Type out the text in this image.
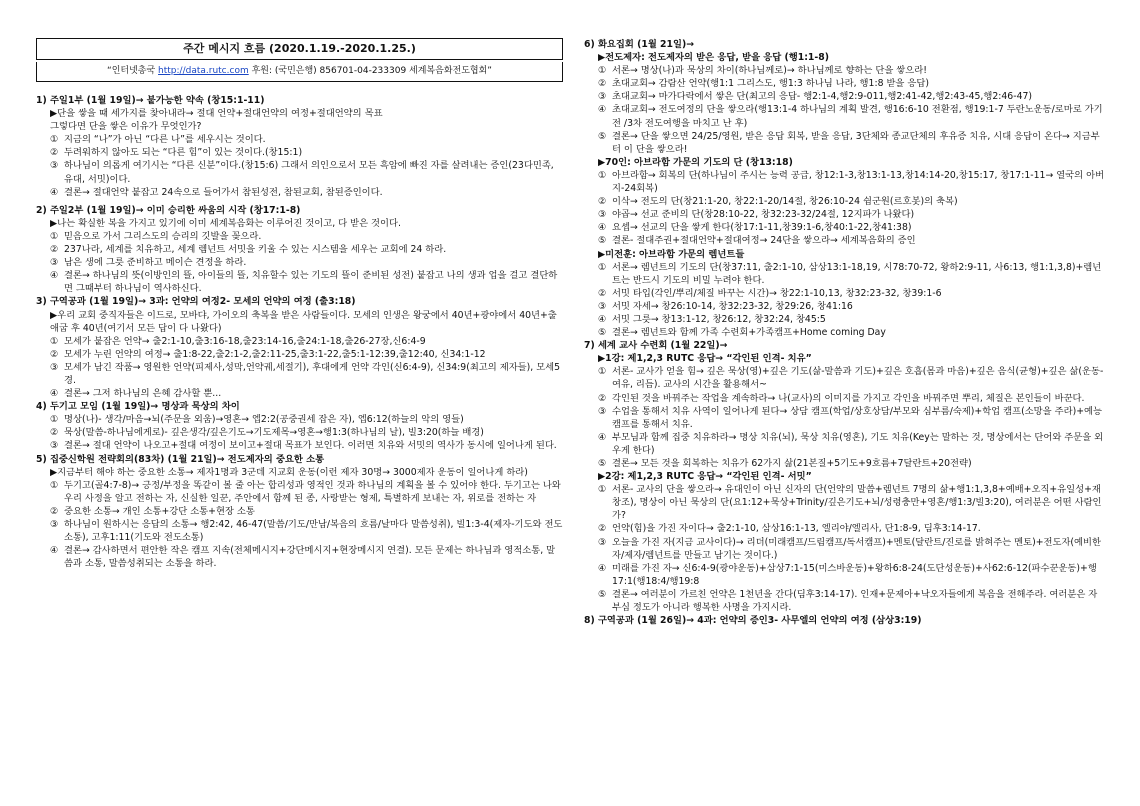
주간 메시지 흐름 (2020.1.19.-2020.1.25.)
“인터넷총국 http://data.rutc.com 후원: (국민은행) 856701-04-233309 세계복음화전도협회”
1) 주일1부 (1월 19일)→ 붙가능한 약속 (창15:1-11)
▶단을 쌓을 때 세가지를 찾아내라→ 절대 언약+절대언약의 여정+절대언약의 목표
그렇다면 단을 쌓은 이유가 무엇인가?
① 지금의 “나”가 아닌 “다른 나”를 세우시는 것이다.
② 두려워하지 않아도 되는 “다른 힘”이 있는 것이다.(창15:1)
③ 하나님이 의롭게 여기시는 “다른 신분”이다.(창15:6) 그래서 의인으로서 모든 흑암에 빠진 자를 살려내는 증인(23다민족, 유대, 서밋)이다.
④ 결론→ 절대언약 붙잡고 24속으로 들어가서 참된성전, 참된교회, 참된증인이다.
2) 주일2부 (1월 19일)→ 이미 승리한 싸움의 시작 (창17:1-8)
▶나는 확실한 복을 가지고 있기에 이미 세계복음화는 이루어진 것이고, 다 받은 것이다.
① 믿음으로 가서 그리스도의 승리의 깃발을 꽂으라.
② 237나라, 세계를 치유하고, 세계 렘넌트 서밋을 키울 수 있는 시스템을 세우는 교회에 24 하라.
③ 남은 생에 그릇 준비하고 메이슨 견정을 하라.
④ 결론→ 하나님의 뜻(이방인의 뜰, 아이들의 뜰, 치유할수 있는 기도의 뜰이 준비된 성전) 붙잡고 나의 생과 업을 걸고 결단하면 그때부터 하나님이 역사하신다.
3) 구역공과 (1월 19일)→ 3과: 언약의 여정2- 모세의 언약의 여정 (출3:18)
▶우리 교회 중직자들은 이드로, 모바댜, 가이오의 축복을 받은 사람들이다. 모세의 인생은 왕궁에서 40년+광야에서 40년+출애굽 후 40년(여기서 모든 답이 다 나왔다)
① 모세가 붙잡은 언약→ 출2:1-10,출3:16-18,출23:14-16,출24:1-18,출26-27장,신6:4-9
② 모세가 누린 언약의 여정→ 출1:8-22,출2:1-2,출2:11-25,출3:1-22,출5:1-12:39,출12:40, 신34:1-12
③ 모세가 남긴 작품→ 영원한 언약(피제사,성막,언약궤,세절기), 후대에게 언약 각인(신6:4-9), 신34:9(최고의 제자들), 모세5경.
④ 결론→ 그저 하나님의 은혜 감사할 뿐...
4) 두기고 모임 (1월 19일)→ 명상과 묵상의 차이
① 명상(나)- 생각/마음→뇌(주문을 외움)→영혼→ 엡2:2(공중권세 잡은 자), 엡6:12(하늘의 악의 영들)
② 묵상(말씀-하나님에게로)- 깊은생각/깊은기도→기도제목→영혼→행1:3(하나님의 날), 빌3:20(하늘 배경)
③ 결론→ 절대 언약이 나오고+절대 여정이 보이고+절대 목표가 보인다. 이러면 치유와 서밋의 역사가 동시에 일어나게 된다.
5) 집중신학원 전략회의(83차) (1월 21일)→ 전도제자의 중요한 소통
▶지금부터 해야 하는 중요한 소통→ 제자1명과 3군데 지교회 운동(이런 제자 30명→ 3000제자 운동이 일어나게 하라)
① 두기고(골4:7-8)→ 긍정/부정을 똑같이 볼 줄 아는 합리성과 영적인 것과 하나님의 계획을 볼 수 있어야 한다. 두기고는 나와 우리 사정을 알고 전하는 자, 신실한 일꾼, 주안에서 함께 된 종, 사랑받는 형제, 특별하게 보내는 자, 위로를 전하는 자
② 중요한 소통→ 개인 소통+강단 소통+현장 소통
③ 하나님이 원하시는 응답의 소통→ 행2:42, 46-47(말씀/기도/만남/복음의 흐름/날마다 말씀성취), 빌1:3-4(제자-기도와 전도 소통), 고후1:11(기도와 전도소통)
④ 결론→ 감사하면서 편안한 작은 캠프 지속(전체메시지+강단메시지+현장메시지 연결). 모든 문제는 하나님과 영적소통, 말씀과 소통, 말씀성취되는 소통을 하라.
6) 화요집회 (1월 21일)→
▶전도제자: 전도제자의 받은 응답, 받을 응답 (행1:1-8)
① 서론→ 명상(나)과 묵상의 차이(하나님께로)→ 하나님께로 향하는 단을 쌓으라!
② 초대교회→ 감람산 언약(행1:1 그리스도, 행1:3 하나님 나라, 행1:8 받을 응답)
③ 초대교회→ 마가다락에서 쌓은 단(최고의 응답- 행2:1-4,행2:9-011,행2:41-42,행2:43-45,행2:46-47)
④ 초대교회→ 전도여정의 단을 쌓으라(행13:1-4 하나님의 계획 발견, 행16:6-10 전환점, 행19:1-7 두란노운동/로마로 가기전 /3차 전도여행을 마치고 난 후)
⑤ 결론→ 단을 쌓으면 24/25/영원, 받은 응답 회복, 받을 응답, 3단체와 종교단체의 후유증 치유, 시대 응답이 온다→ 지금부터 이 단을 쌓으라!
▶70인: 아브라함 가문의 기도의 단 (창13:18)
① 아브라함→ 회복의 단(하나님이 주시는 능력 공급, 창12:1-3,창13:1-13,창14:14-20,창15:17, 창17:1-11→ 열국의 아버지-24회복)
② 이삭→ 전도의 단(창21:1-20, 창22:1-20/14절, 창26:10-24 쉼군원(르호봇)의 축복)
③ 야곱→ 선교 준비의 단(창28:10-22, 창32:23-32/24절, 12지파가 나왔다)
④ 요셉→ 선교의 단을 쌓게 한다(창17:1-11,창39:1-6,창40:1-22,창41:38)
⑤ 결론- 절대주권+절대언약+절대여정→ 24단을 쌓으라→ 세계복음화의 증인
▶미전훈: 아브라함 가문의 렘넌트들
① 서론→ 렘넌트의 기도의 단(창37:11, 출2:1-10, 삼상13:1-18,19, 시78:70-72, 왕하2:9-11, 사6:13, 행1:1,3,8)+렘넌트는 반드시 기도의 비밀 누려야 한다.
② 서밋 타입(각인/뿌리/체질 바꾸는 시간)→ 창22:1-10,13, 창32:23-32, 창39:1-6
③ 서밋 자세→ 창26:10-14, 창32:23-32, 창29:26, 창41:16
④ 서밋 그릇→ 창13:1-12, 창26:12, 창32:24, 창45:5
⑤ 결론→ 렘넌트와 함께 가족 수련회+가족캠프+Home coming Day
7) 세계 교사 수련회 (1월 22일)→
▶1강: 제1,2,3 RUTC 응답→ “각인된 인격- 치유”
① 서론- 교사가 얻을 힘→ 깊은 묵상(영)+깊은 기도(삶-말씀과 기도)+깊은 호흡(몸과 마음)+깊은 음식(균형)+깊은 삶(운동-여유, 리듬). 교사의 시간을 활용해서~
② 각인된 것을 바꿔주는 작업을 계속하라→ 나(교사)의 이미지를 가지고 각인을 바꿔주면 뿌리, 체질은 본인들이 바꾼다.
③ 수업을 통해서 치유 사역이 일어나게 된다→ 상담 캠프(학업/상호상담/부모와 심부름/숙제)+학업 캠프(소망을 주라)+예능 캠프를 통해서 치유.
④ 부모님과 함께 집중 치유하라→ 명상 치유(뇌), 묵상 치유(영혼), 기도 치유(Key는 말하는 것, 명상에서는 단어와 주문을 외우게 한다)
⑤ 결론→ 모든 것을 회복하는 치유가 62가지 삶(21본질+5기도+9흐름+7달란트+20전략)
▶2강: 제1,2,3 RUTC 응답→ “각인된 인격- 서밋”
① 서론- 교사의 단을 쌓으라→ 유대인이 아닌 신자의 단(언약의 말씀+렘넌트 7명의 삶+행1:1,3,8+예배+오직+유일성+재창조), 명상이 아닌 묵상의 단(요1:12+묵상+Trinity/깊은기도+뇌/성령충만+영혼/행1:3/빌3:20), 여러분은 어떤 사람인가?
② 언약(힘)을 가진 자이다→ 출2:1-10, 삼상16:1-13, 엘리야/엘리사, 단1:8-9, 딤후3:14-17.
③ 오늘을 가진 자(지금 교사이다)→ 리더(미래캠프/드림캠프/독서캠프)+멘토(달란트/진로를 밝혀주는 멘토)+전도자(예비한 자/제자/렘넌트를 만들고 남기는 것이다.)
④ 미래를 가진 자→ 신6:4-9(광야운동)+삼상7:1-15(미스바운동)+왕하6:8-24(도단성운동)+사62:6-12(파수꾼운동)+행17:1(행18:4/행19:8
⑤ 결론→ 여러분이 가르친 언약은 1천년을 간다(딤후3:14-17). 인재+문제아+낙오자들에게 복음을 전해주라. 여러분은 자부심 정도가 아니라 행복한 사명을 가지시라.
8) 구역공과 (1월 26일)→ 4과: 언약의 증인3- 사무엘의 언약의 여정 (삼상3:19)
